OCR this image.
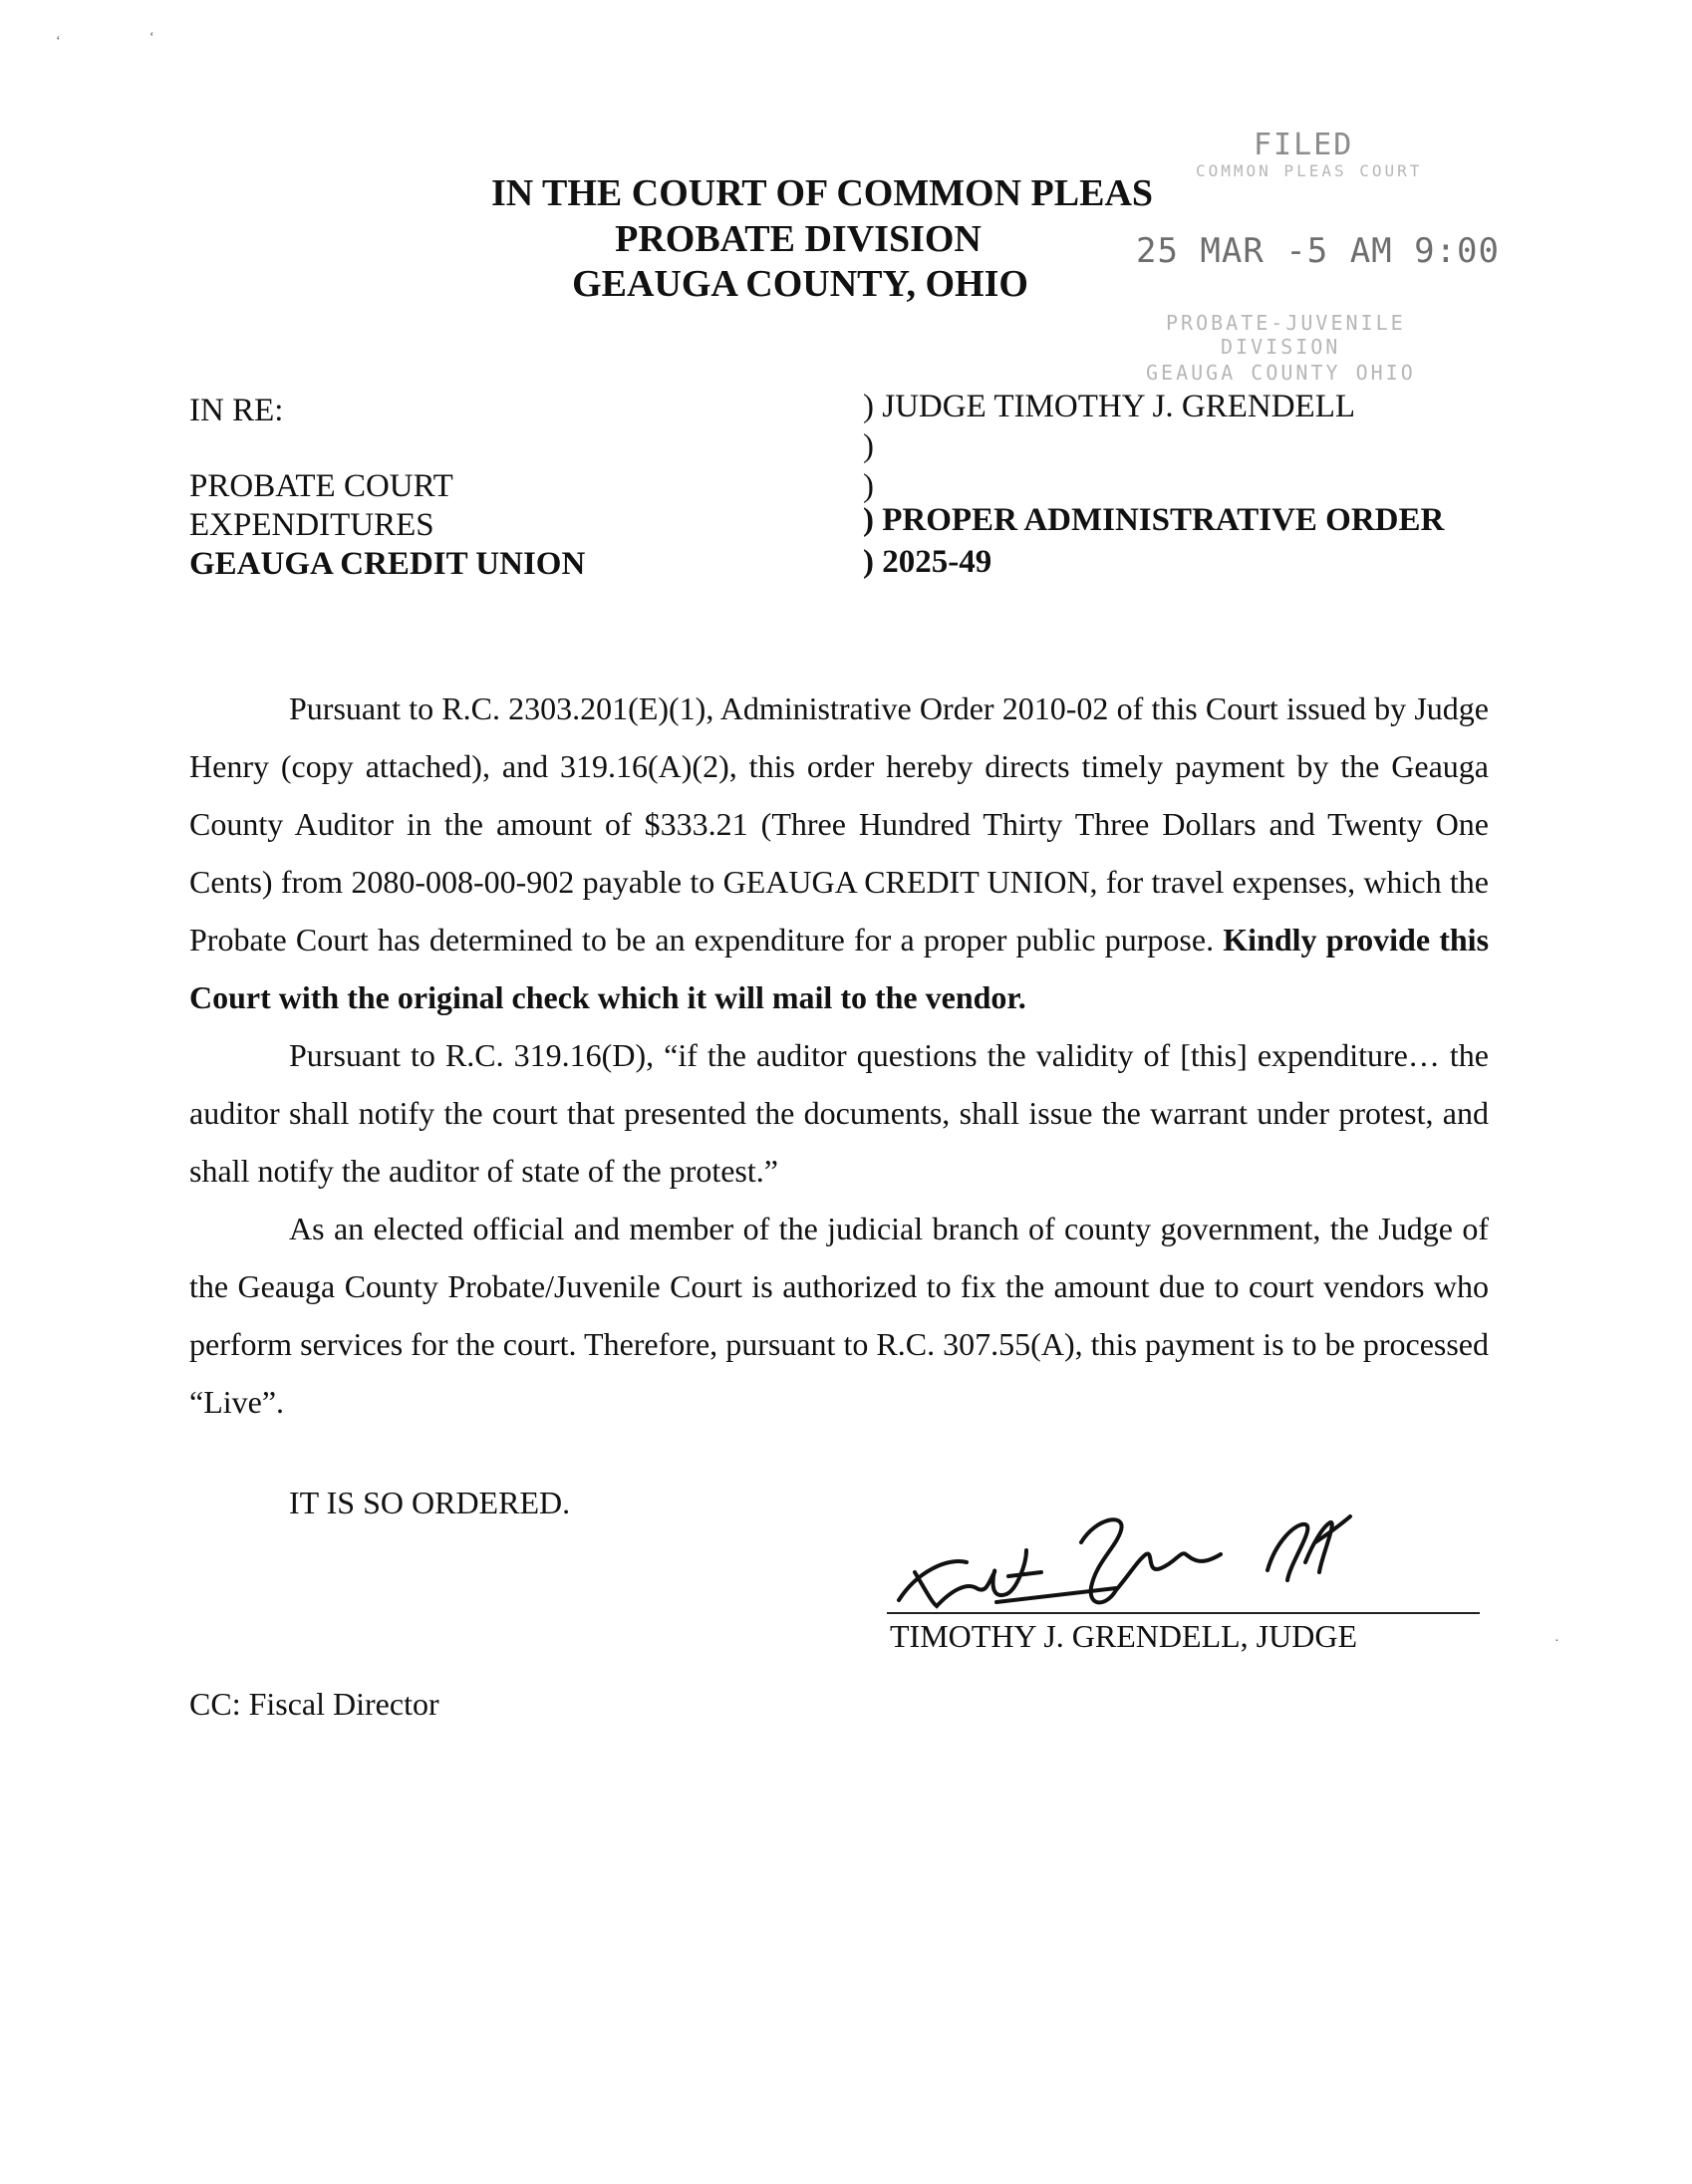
‘	‘
IN THE COURT OF COMMON PLEAS
PROBATE DIVISION
GEAUGA COUNTY, OHIO
FILED
COMMON PLEAS COURT
25 MAR -5 AM 9:00
PROBATE-JUVENILE
DIVISION
GEAUGA COUNTY OHIO
IN RE:
PROBATE COURT
EXPENDITURES
GEAUGA CREDIT UNION
) JUDGE TIMOTHY J. GRENDELL
)
)
) PROPER ADMINISTRATIVE ORDER
) 2025-49

Pursuant to R.C. 2303.201(E)(1), Administrative Order 2010-02 of this Court issued by Judge Henry (copy attached), and 319.16(A)(2), this order hereby directs timely payment by the Geauga County Auditor in the amount of $333.21 (Three Hundred Thirty Three Dollars and Twenty One Cents) from 2080-008-00-902 payable to GEAUGA CREDIT UNION, for travel expenses, which the Probate Court has determined to be an expenditure for a proper public purpose. Kindly provide this Court with the original check which it will mail to the vendor.

Pursuant to R.C. 319.16(D), “if the auditor questions the validity of [this] expenditure… the auditor shall notify the court that presented the documents, shall issue the warrant under protest, and shall notify the auditor of state of the protest.”

As an elected official and member of the judicial branch of county government, the Judge of the Geauga County Probate/Juvenile Court is authorized to fix the amount due to court vendors who perform services for the court. Therefore, pursuant to R.C. 307.55(A), this payment is to be processed “Live”.

IT IS SO ORDERED.
TIMOTHY J. GRENDELL, JUDGE
CC: Fiscal Director
·
